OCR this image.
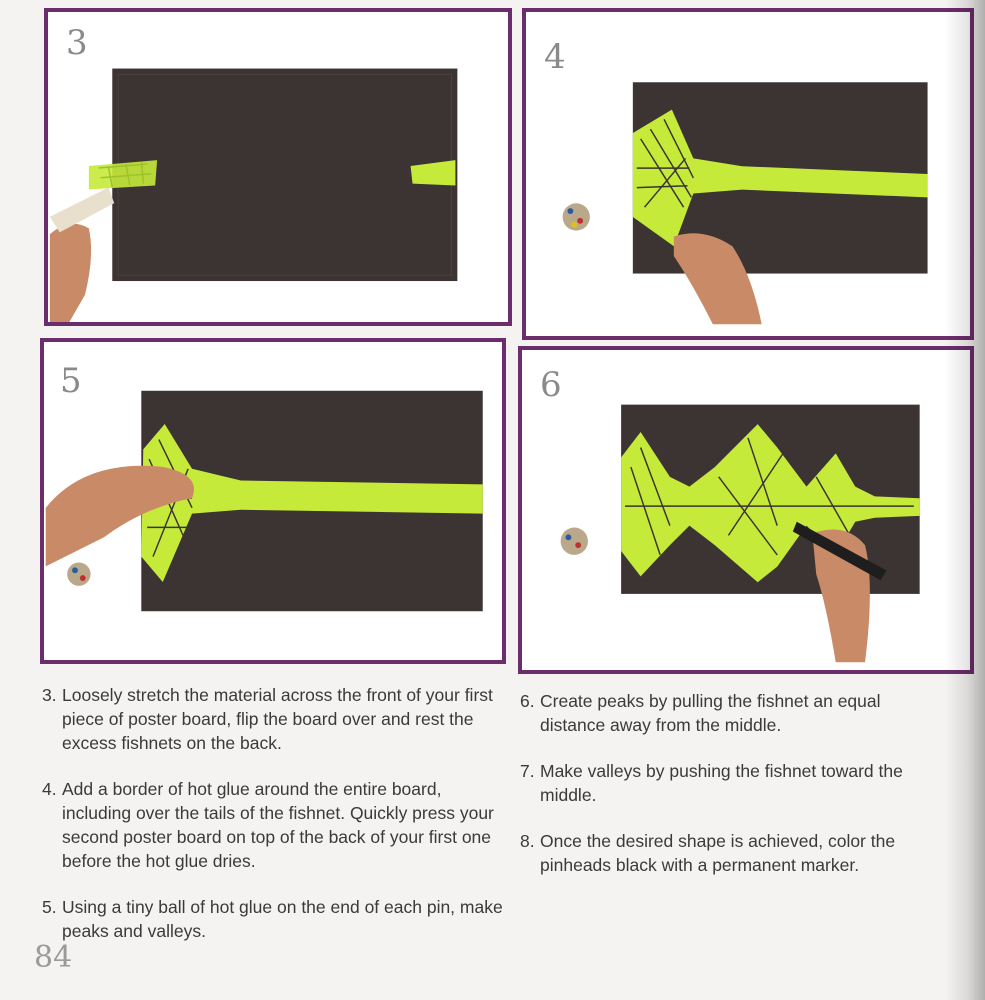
3	4
5	6
3. Loosely stretch the material across the front of your first piece of poster board, flip the board over and rest the excess fishnets on the back.
4. Add a border of hot glue around the entire board, including over the tails of the fishnet. Quickly press your second poster board on top of the back of your first one before the hot glue dries.
5. Using a tiny ball of hot glue on the end of each pin, make peaks and valleys.
6. Create peaks by pulling the fishnet an equal distance away from the middle.
7. Make valleys by pushing the fishnet toward the middle.
8. Once the desired shape is achieved, color the pinheads black with a permanent marker.
84
